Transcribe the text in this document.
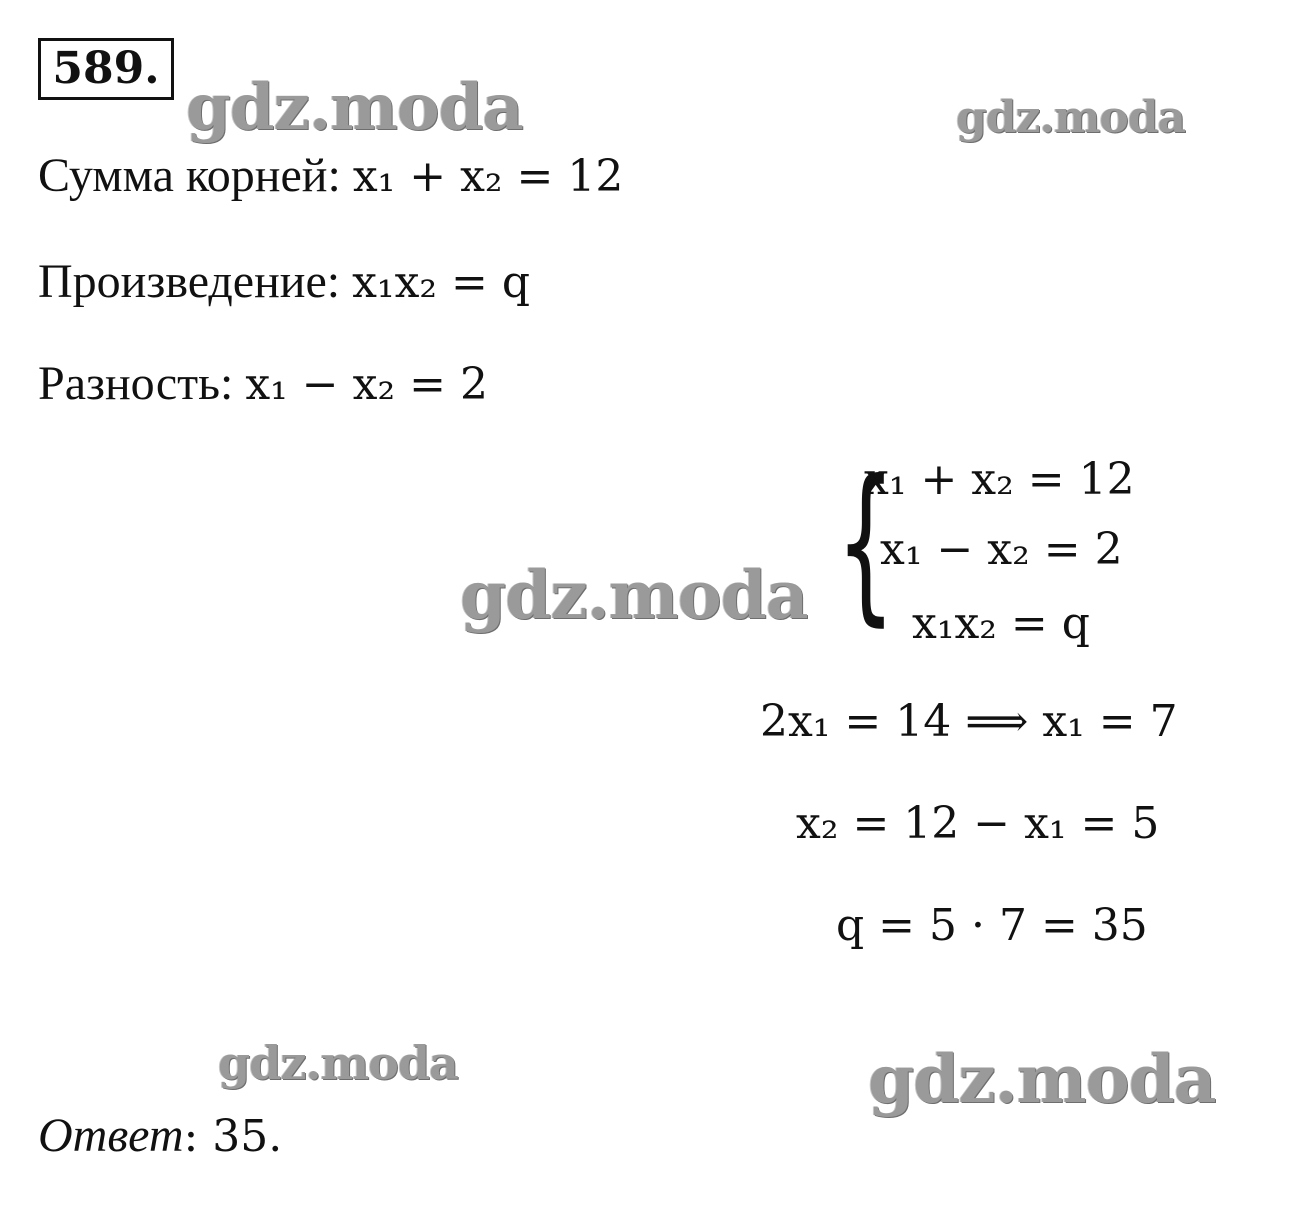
589.
gdz.moda	gdz.moda
gdz.moda
gdz.moda	gdz.moda
Сумма корней: x₁ + x₂ = 12
Произведение: x₁x₂ = q
Разность: x₁ − x₂ = 2
{
x₁ + x₂ = 12
x₁ − x₂ = 2
x₁x₂ = q
2x₁ = 14 ⟹ x₁ = 7
x₂ = 12 − x₁ = 5
q = 5 · 7 = 35
Ответ: 35.
